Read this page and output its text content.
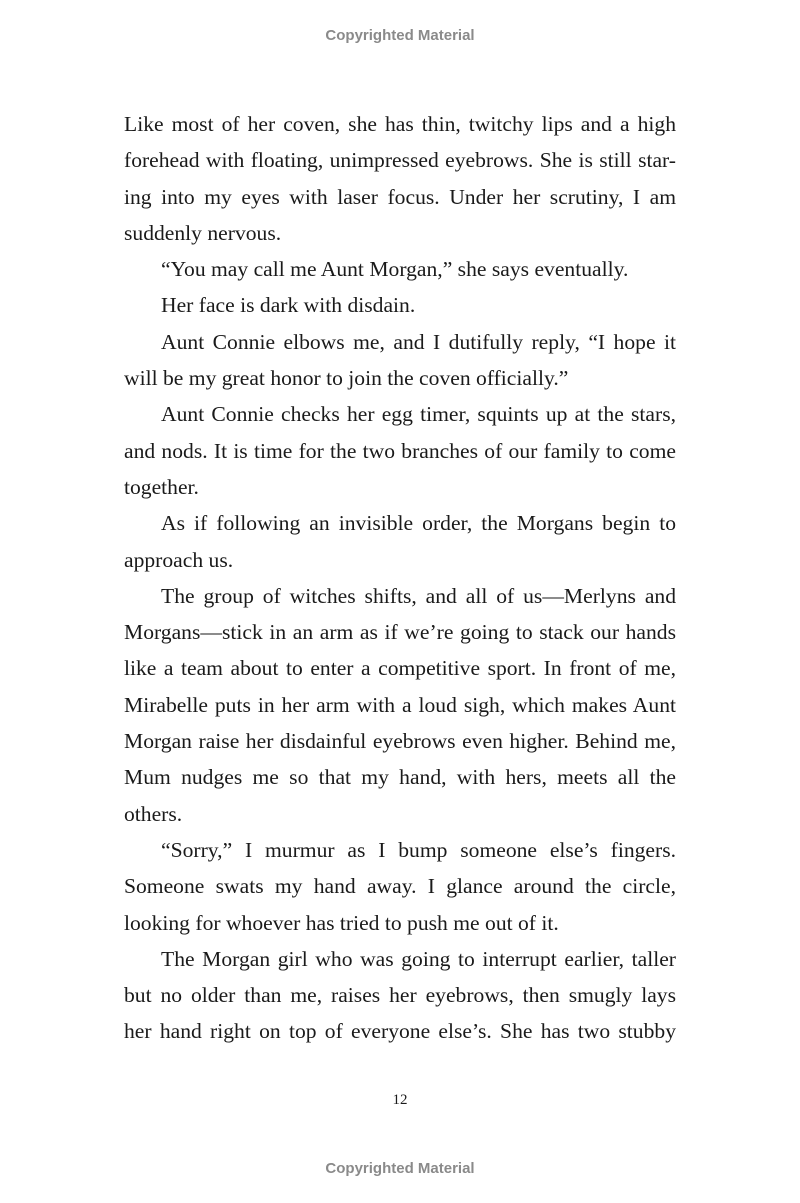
Copyrighted Material
Like most of her coven, she has thin, twitchy lips and a high
forehead with floating, unimpressed eyebrows. She is still star-
ing into my eyes with laser focus. Under her scrutiny, I am
suddenly nervous.
“You may call me Aunt Morgan,” she says eventually.
Her face is dark with disdain.
Aunt Connie elbows me, and I dutifully reply, “I hope it
will be my great honor to join the coven officially.”
Aunt Connie checks her egg timer, squints up at the stars,
and nods. It is time for the two branches of our family to come
together.
As if following an invisible order, the Morgans begin to
approach us.
The group of witches shifts, and all of us—Merlyns and
Morgans—stick in an arm as if we’re going to stack our hands
like a team about to enter a competitive sport. In front of me,
Mirabelle puts in her arm with a loud sigh, which makes Aunt
Morgan raise her disdainful eyebrows even higher. Behind me,
Mum nudges me so that my hand, with hers, meets all the
others.
“Sorry,” I murmur as I bump someone else’s fingers.
Someone swats my hand away. I glance around the circle,
looking for whoever has tried to push me out of it.
The Morgan girl who was going to interrupt earlier, taller
but no older than me, raises her eyebrows, then smugly lays
her hand right on top of everyone else’s. She has two stubby
12
Copyrighted Material
